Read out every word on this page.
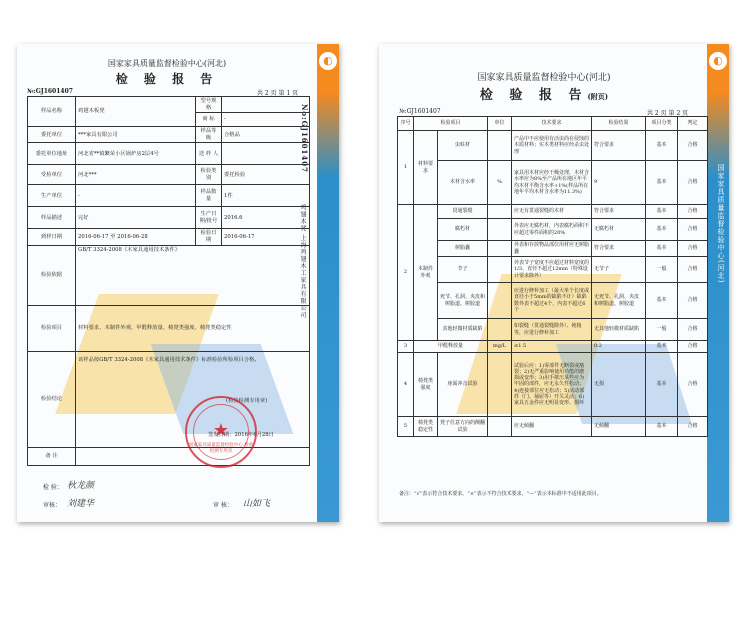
◐
No:GJ1601407
鸡翅木凳 上海鸡翅木工家具有限公司
国家家具质量监督检验中心(河北)
检 验 报 告
№:GJ1601407	共 2 页 第 1 页
样品名称	鸡翅木板凳	型号规格	
		商 标	-
委托单位	***家具有限公司	样品等级	合格品
委托单位地址	河北省**镇繁荣小区锅炉房2层4号	送 样 人	
受检单位	河北***	检验类别	委托检验
生产单位	-	样品数量	1件
样品描述	完好	生产日期/批号	2016.6
到样日期	2016-06-17 至 2016-06-28	检验日期	2016-06-17
检验依据	GB/T 3324-2008《木家具通用技术条件》		
检验项目	材料要求、木制件外观、甲醛释放量、椅凳类强度、椅凳类稳定性		
检验结论	该样品按GB/T 3324-2008《木家具通用技术条件》标准检验所检项目合格。
(检验检测专用章)
签发日期：2016年6月28日		

备 注			
★
国家家具质量监督检验中心 检验检测专用章
检 验： 秋龙颜
审核： 刘建华	审 核： 山如飞
◐
国家家具质量监督检验中心(河北)
国家家具质量监督检验中心(河北)
检 验 报 告(附页)
№:GJ1601407	共 2 页 第 2 页
序号	检验项目		单位	技术要求	检验结果	项目分类	判定
1	材料要求	虫蛀材		产品中不应使用有活虫尚在侵蚀的木质材料；实木类材料应经杀虫处理	符合要求	基本	合格
		木材含水率	%	家具用木材应经干燥处理，木材含水率应为8%至产品所在地区年平均木材平衡含水率+1%(样品所在地年平均木材含水率为11.3%)	9	基本	合格
2	木制件外观	贯通裂缝		应无有贯通裂缝的木材	符合要求	基本	合格
		腐朽材		外表应无腐朽材，内表腐朽面积不应超过零件面积的20%	无腐朽材	基本	合格
		树脂囊		外表和存放物品部位用材应无树脂囊	符合要求	基本	合格
		节子		外表节子宽度不应超过材料宽度的1/3，直径不超过12mm（特殊设计要求除外）	无节子	一般	合格
		死节、孔洞、夹皮和树脂道、树胶道		应进行修补加工（最大单个长度或直径小于5mm的缺陷不计）缺陷数外表不超过4个，内表不超过6个	无死节、孔洞、夹皮和树脂道、树胶道	基本	合格
		其他轻微材质缺陷		如裂缝（贯通裂缝除外）、钝棱等，应进行修补加工	无其他轻微材质缺陷	一般	合格
3	甲醛释放量		mg/L	≤1.5	0.2	基本	合格
4	椅凳类强度	座面冲击试验		试验后应：1)零部件无断裂或豁裂；2)无严重影响使用功能的磨损或变形；3)用手揿压某些应为牢固的部件，应无永久性松动；4)连接部位应无松动；5)活动部件（门、抽屉等）开关灵活；6)家具五金件应无明显变形、损坏	无损	基本	合格
5	椅凳类稳定性	凳子任意方向的侧翻试验		应无倾翻	无倾翻	基本	合格
备注：“√”表示符合技术要求，“×”表示不符合技术要求，“—”表示本标准中不适用此项目。
